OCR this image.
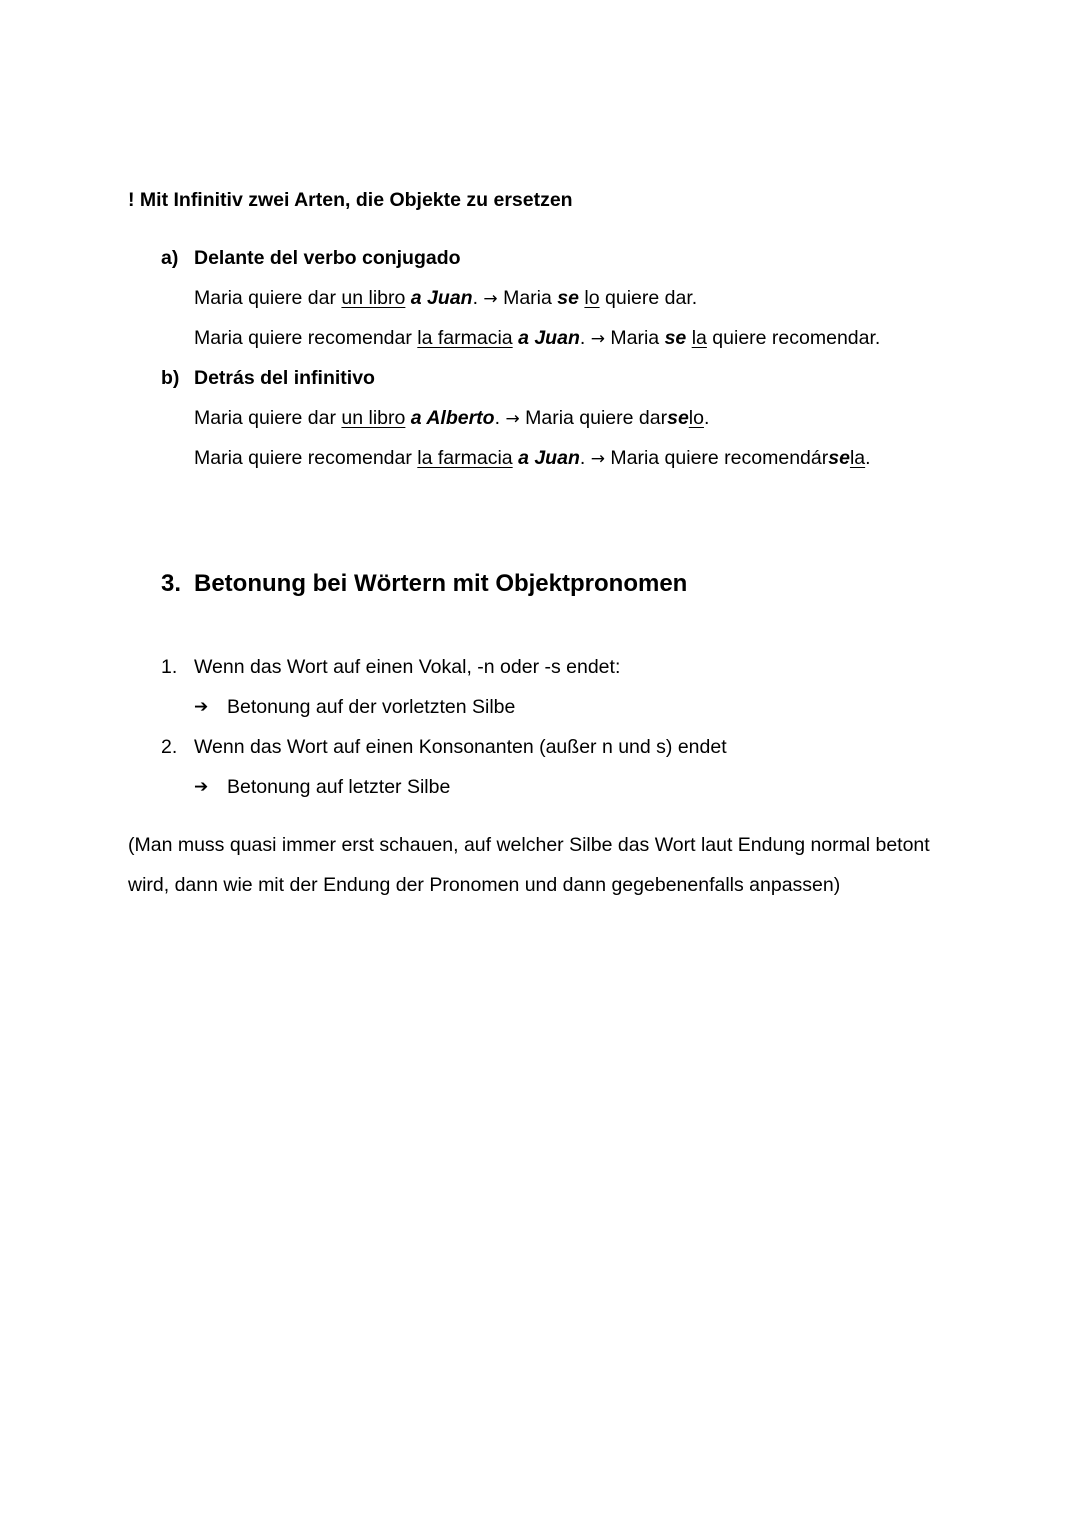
! Mit Infinitiv zwei Arten, die Objekte zu ersetzen
a) Delante del verbo conjugado
Maria quiere dar un libro a Juan. → Maria se lo quiere dar.
Maria quiere recomendar la farmacia a Juan. → Maria se la quiere recomendar.
b) Detrás del infinitivo
Maria quiere dar un libro a Alberto. → Maria quiere darselo.
Maria quiere recomendar la farmacia a Juan. → Maria quiere recomendársela.
3. Betonung bei Wörtern mit Objektpronomen
1. Wenn das Wort auf einen Vokal, -n oder -s endet:
➔ Betonung auf der vorletzten Silbe
2. Wenn das Wort auf einen Konsonanten (außer n und s) endet
➔ Betonung auf letzter Silbe
(Man muss quasi immer erst schauen, auf welcher Silbe das Wort laut Endung normal betont
wird, dann wie mit der Endung der Pronomen und dann gegebenenfalls anpassen)
